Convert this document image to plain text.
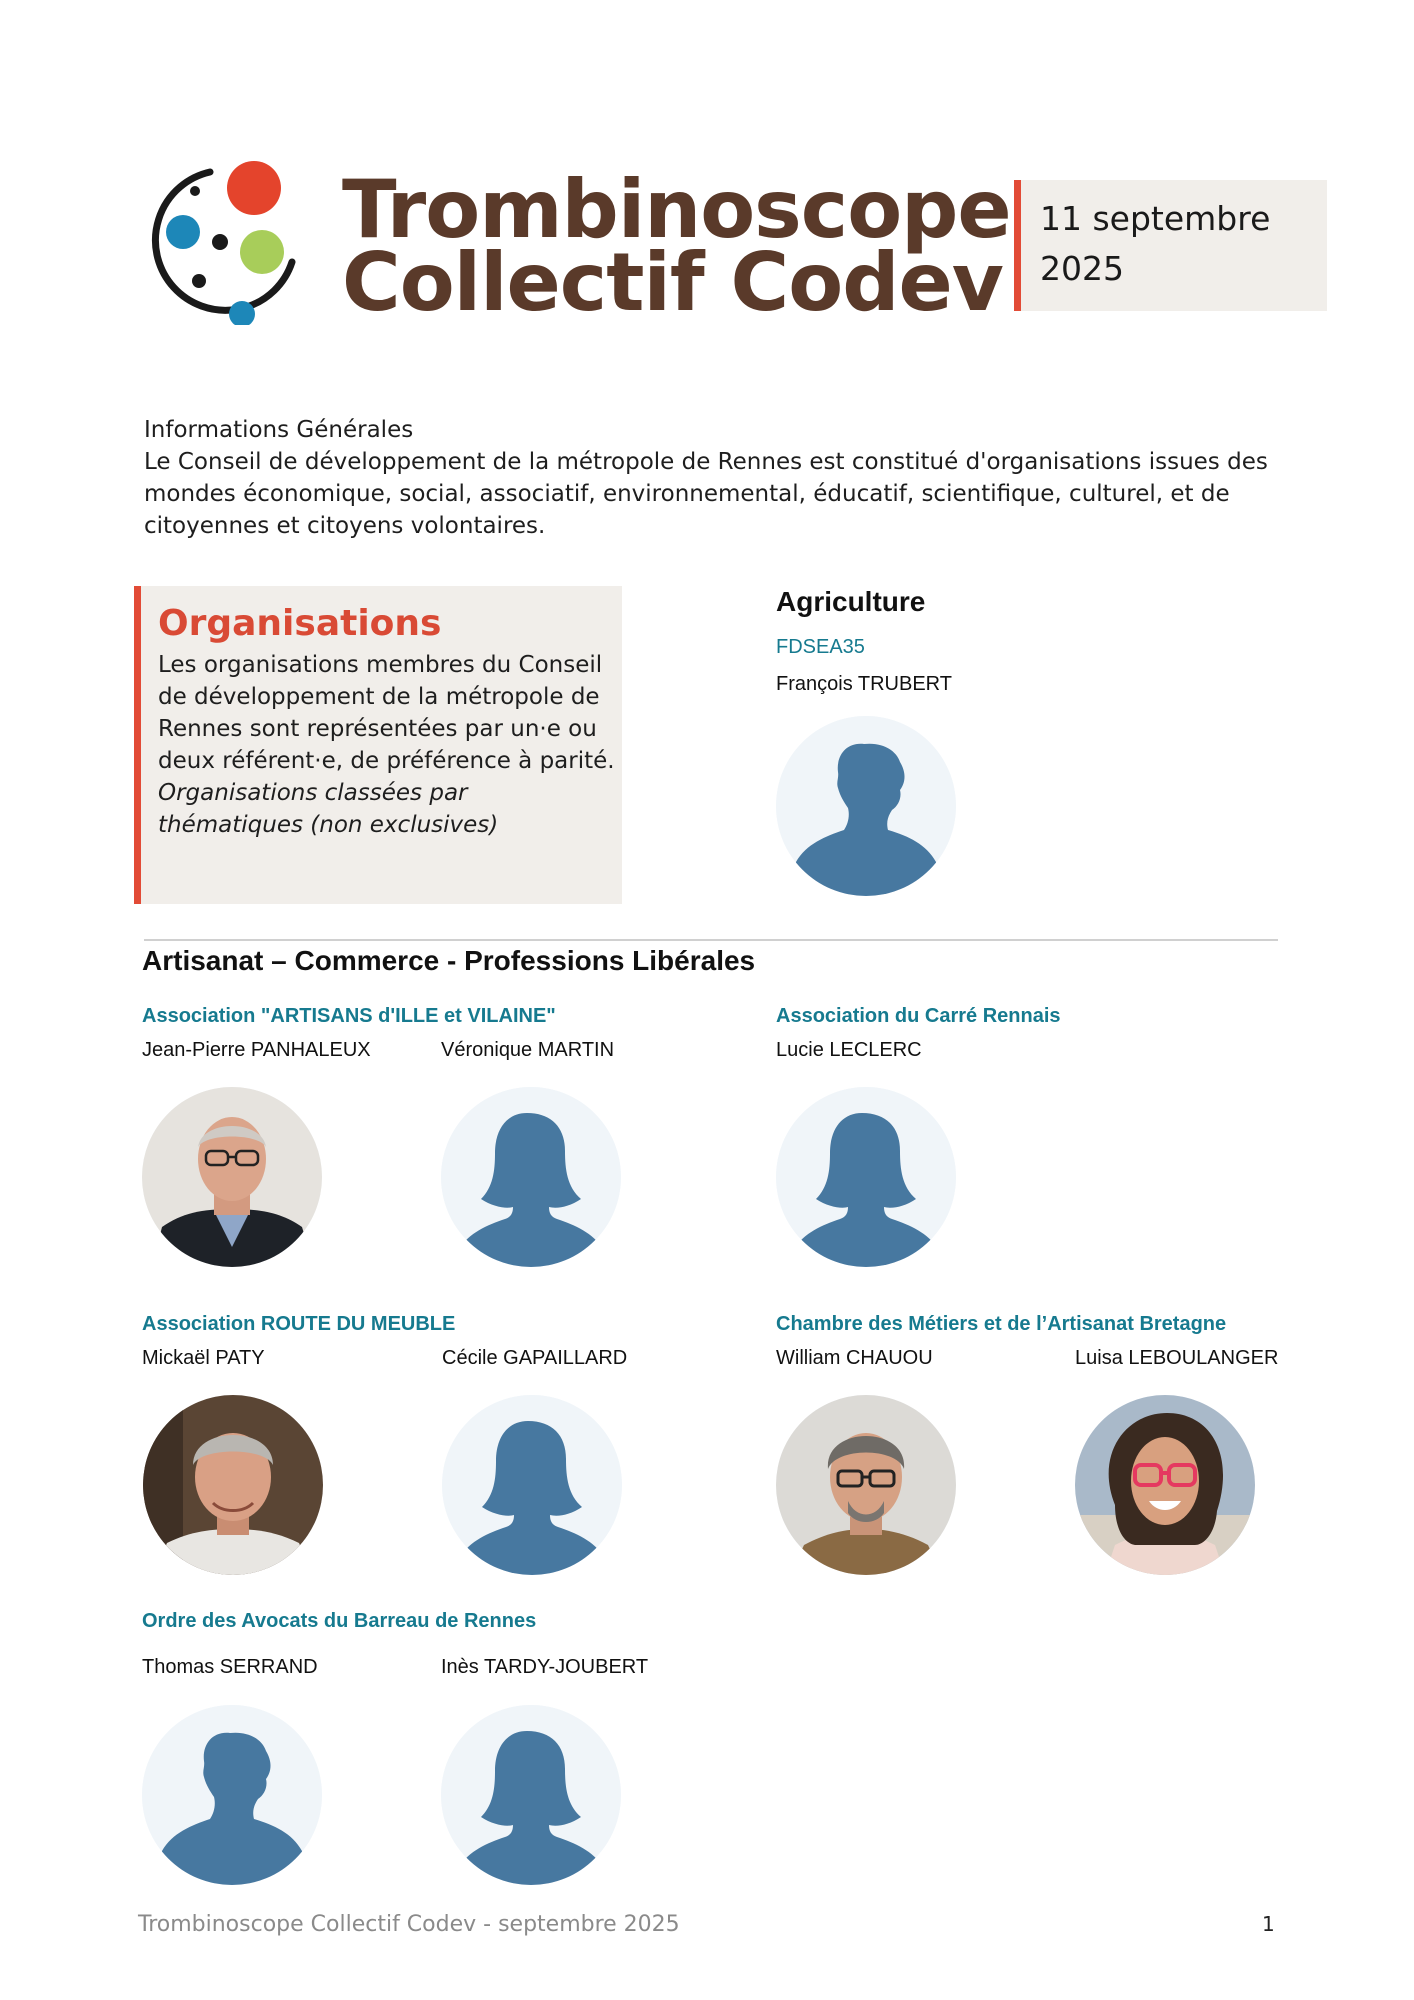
Trombinoscope
Collectif Codev
11 septembre
2025
Informations Générales
Le Conseil de développement de la métropole de Rennes est constitué d'organisations issues des
mondes économique, social, associatif, environnemental, éducatif, scientifique, culturel, et de
citoyennes et citoyens volontaires.
Organisations
Les organisations membres du Conseil de développement de la métropole de Rennes sont représentées par un·e ou deux référent·e, de préférence à parité.
Organisations classées par thématiques (non exclusives)
Agriculture
FDSEA35
François TRUBERT
Artisanat – Commerce - Professions Libérales
Association "ARTISANS d'ILLE et VILAINE"
Jean-Pierre PANHALEUX	Véronique MARTIN
Association du Carré Rennais
Lucie LECLERC
Association ROUTE DU MEUBLE
Mickaël PATY	Cécile GAPAILLARD
Chambre des Métiers et de l’Artisanat Bretagne
William CHAUOU	Luisa LEBOULANGER
Ordre des Avocats du Barreau de Rennes
Thomas SERRAND	Inès TARDY-JOUBERT
Trombinoscope Collectif Codev - septembre 2025	1
